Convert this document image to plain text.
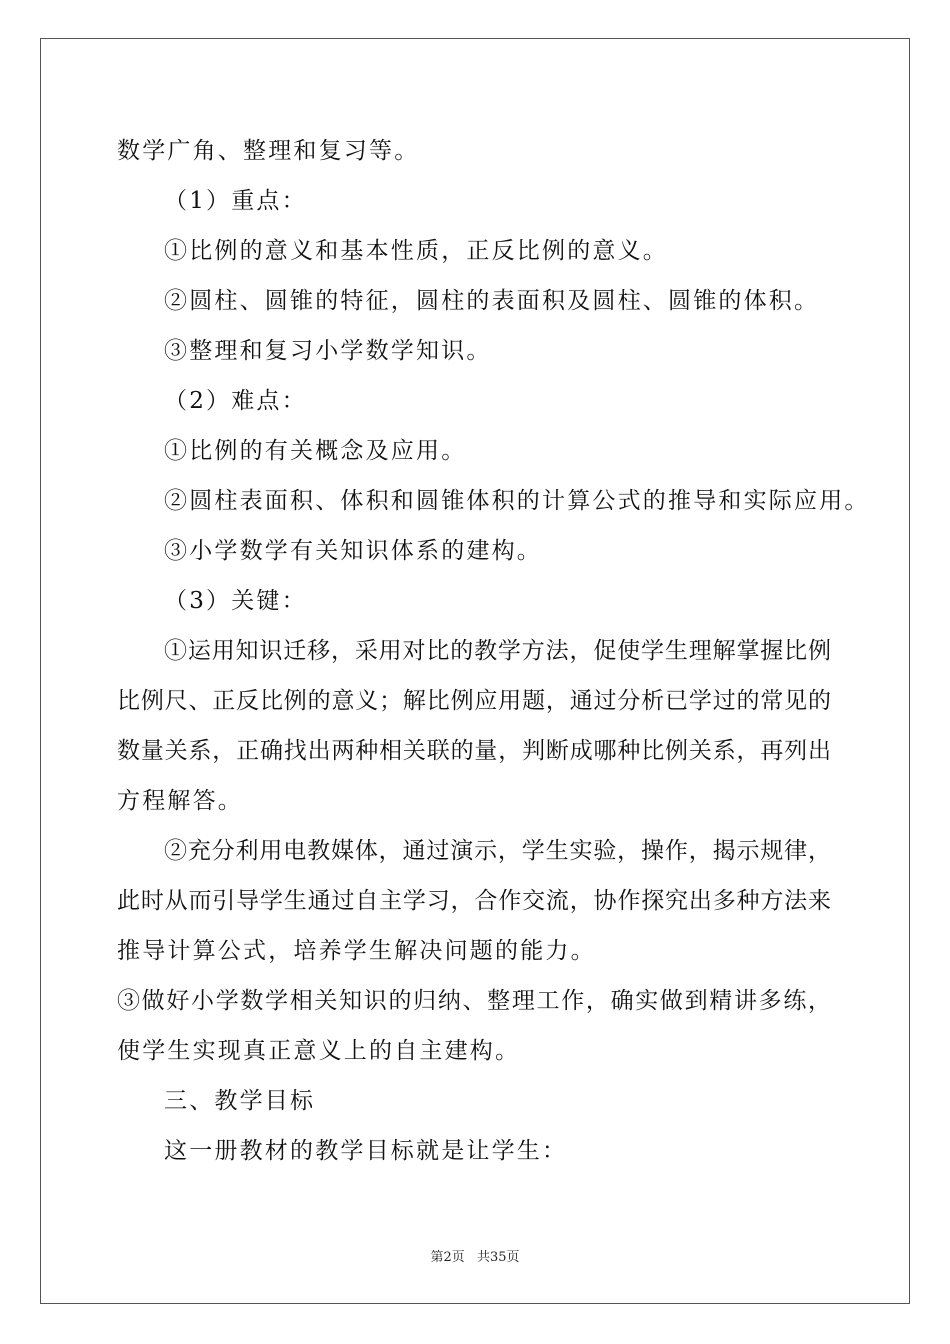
数学广角、整理和复习等。
（1）重点：
①比例的意义和基本性质，正反比例的意义。
②圆柱、圆锥的特征，圆柱的表面积及圆柱、圆锥的体积。
③整理和复习小学数学知识。
（2）难点：
①比例的有关概念及应用。
②圆柱表面积、体积和圆锥体积的计算公式的推导和实际应用。
③小学数学有关知识体系的建构。
（3）关键：
①运用知识迁移，采用对比的教学方法，促使学生理解掌握比例
比例尺、正反比例的意义；解比例应用题，通过分析已学过的常见的
数量关系，正确找出两种相关联的量，判断成哪种比例关系，再列出
方程解答。
②充分利用电教媒体，通过演示，学生实验，操作，揭示规律，
此时从而引导学生通过自主学习，合作交流，协作探究出多种方法来
推导计算公式，培养学生解决问题的能力。
③做好小学数学相关知识的归纳、整理工作，确实做到精讲多练，
使学生实现真正意义上的自主建构。
三、教学目标
这一册教材的教学目标就是让学生：
第2页 共35页
